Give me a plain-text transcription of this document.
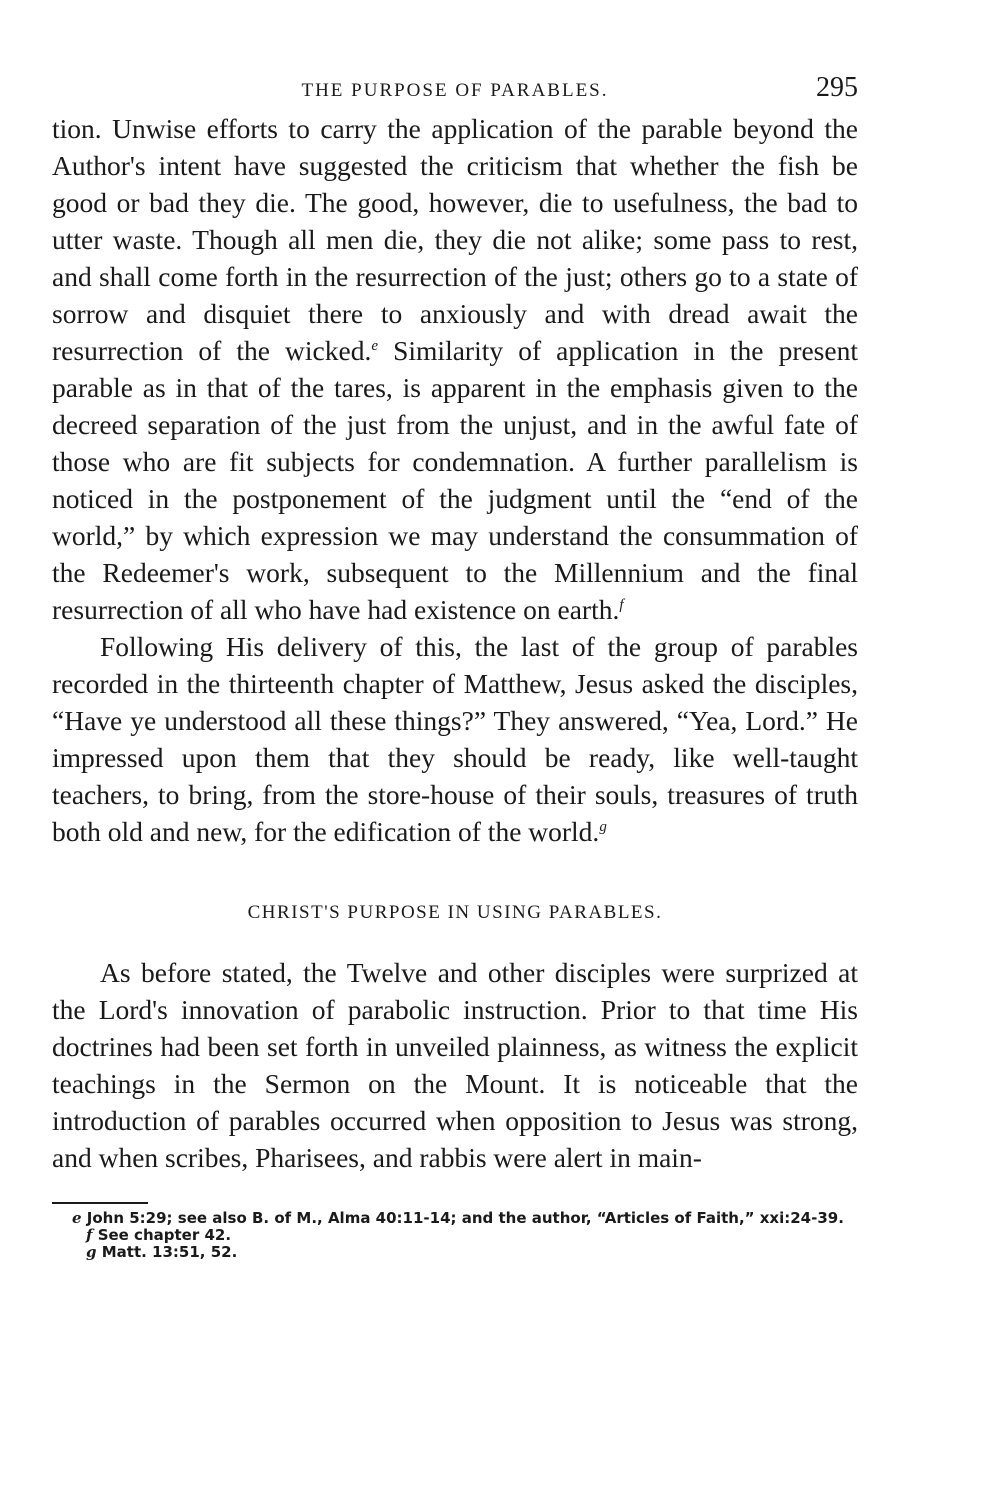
THE PURPOSE OF PARABLES.	295

tion. Unwise efforts to carry the application of the parable beyond the Author's intent have suggested the criticism that whether the fish be good or bad they die. The good, however, die to usefulness, the bad to utter waste. Though all men die, they die not alike; some pass to rest, and shall come forth in the resurrection of the just; others go to a state of sorrow and disquiet there to anxiously and with dread await the resurrection of the wicked.$^e$ Similarity of application in the present parable as in that of the tares, is apparent in the emphasis given to the decreed separation of the just from the unjust, and in the awful fate of those who are fit subjects for condemnation. A further parallelism is noticed in the postponement of the judgment until the “end of the world,” by which expression we may understand the consummation of the Redeemer's work, subsequent to the Millennium and the final resurrection of all who have had existence on earth.$^f$

Following His delivery of this, the last of the group of parables recorded in the thirteenth chapter of Matthew, Jesus asked the disciples, “Have ye understood all these things?” They answered, “Yea, Lord.” He impressed upon them that they should be ready, like well-taught teachers, to bring, from the store-house of their souls, treasures of truth both old and new, for the edification of the world.$^g$

CHRIST'S PURPOSE IN USING PARABLES.

As before stated, the Twelve and other disciples were surprized at the Lord's innovation of parabolic instruction. Prior to that time His doctrines had been set forth in unveiled plainness, as witness the explicit teachings in the Sermon on the Mount. It is noticeable that the introduction of parables occurred when opposition to Jesus was strong, and when scribes, Pharisees, and rabbis were alert in main-

e John 5:29; see also B. of M., Alma 40:11-14; and the author, “Articles of Faith,” xxi:24-39.

f See chapter 42.

g Matt. 13:51, 52.
